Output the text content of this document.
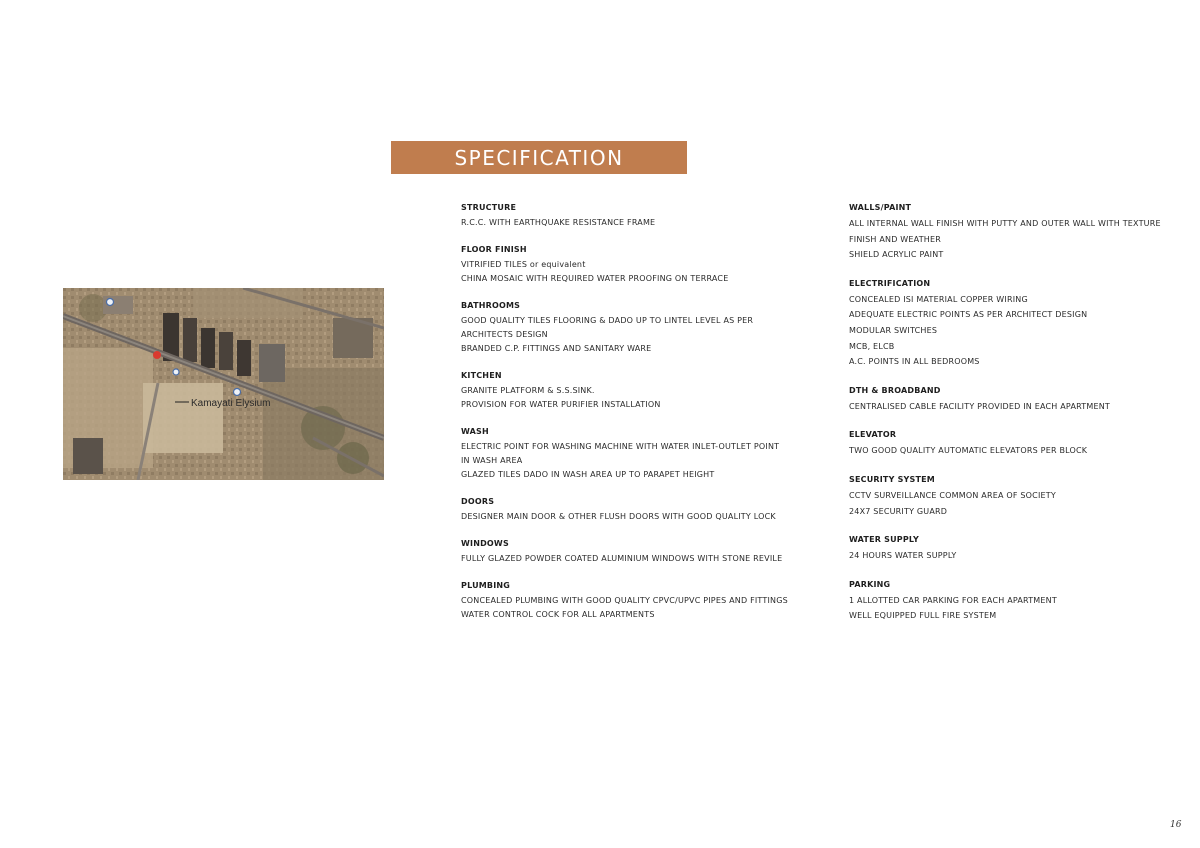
SPECIFICATION
Kamayati Elysium
STRUCTURE
R.C.C. WITH EARTHQUAKE RESISTANCE FRAME
FLOOR FINISH
VITRIFIED TILES or equivalent
CHINA MOSAIC WITH REQUIRED WATER PROOFING ON TERRACE
BATHROOMS
GOOD QUALITY TILES FLOORING & DADO UP TO LINTEL LEVEL AS PER
ARCHITECTS DESIGN
BRANDED C.P. FITTINGS AND SANITARY WARE
KITCHEN
GRANITE PLATFORM & S.S.SINK.
PROVISION FOR WATER PURIFIER INSTALLATION
WASH
ELECTRIC POINT FOR WASHING MACHINE WITH WATER INLET-OUTLET POINT
IN WASH AREA
GLAZED TILES DADO IN WASH AREA UP TO PARAPET HEIGHT
DOORS
DESIGNER MAIN DOOR & OTHER FLUSH DOORS WITH GOOD QUALITY LOCK
WINDOWS
FULLY GLAZED POWDER COATED ALUMINIUM WINDOWS WITH STONE REVILE
PLUMBING
CONCEALED PLUMBING WITH GOOD QUALITY CPVC/UPVC PIPES AND FITTINGS
WATER CONTROL COCK FOR ALL APARTMENTS
WALLS/PAINT
ALL INTERNAL WALL FINISH WITH PUTTY AND OUTER WALL WITH TEXTURE
FINISH AND WEATHER
SHIELD ACRYLIC PAINT
ELECTRIFICATION
CONCEALED ISI MATERIAL COPPER WIRING
ADEQUATE ELECTRIC POINTS AS PER ARCHITECT DESIGN
MODULAR SWITCHES
MCB, ELCB
A.C. POINTS IN ALL BEDROOMS
DTH & BROADBAND
CENTRALISED CABLE FACILITY PROVIDED IN EACH APARTMENT
ELEVATOR
TWO GOOD QUALITY AUTOMATIC ELEVATORS PER BLOCK
SECURITY SYSTEM
CCTV SURVEILLANCE COMMON AREA OF SOCIETY
24X7 SECURITY GUARD
WATER SUPPLY
24 HOURS WATER SUPPLY
PARKING
1 ALLOTTED CAR PARKING FOR EACH APARTMENT
WELL EQUIPPED FULL FIRE SYSTEM
16
